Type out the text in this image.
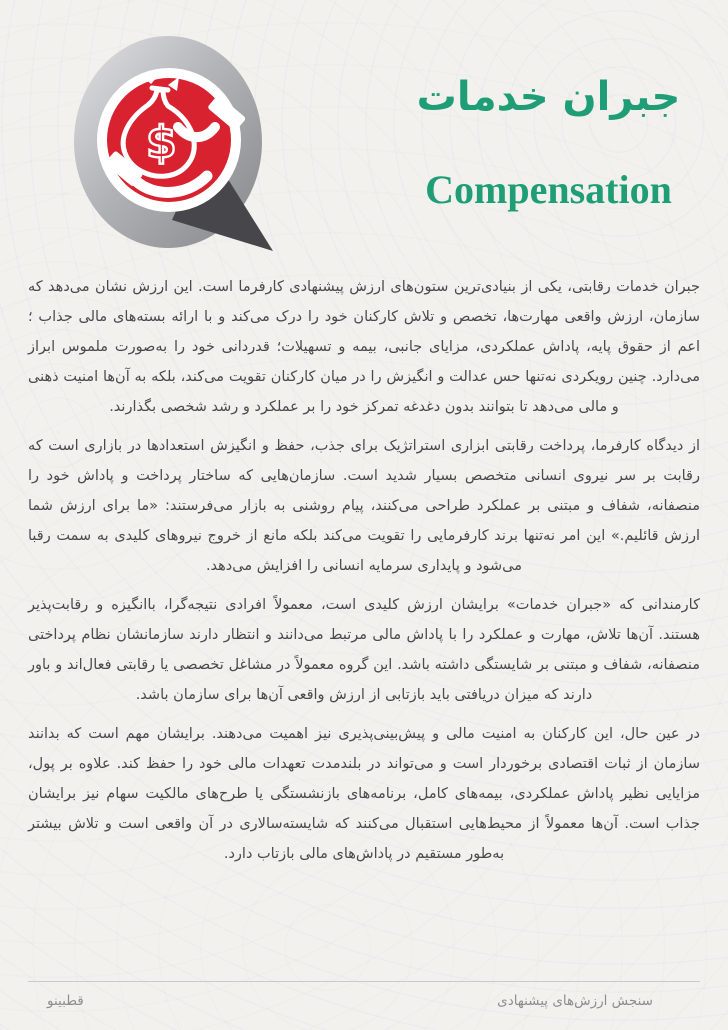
$
جبران خدمات
Compensation

جبران خدمات رقابتی، یکی از بنیادی‌ترین ستون‌های ارزش پیشنهادی کارفرما است. این ارزش نشان می‌دهد که سازمان، ارزش واقعی مهارت‌ها، تخصص و تلاش کارکنان خود را درک می‌کند و با ارائه بسته‌های مالی جذاب ؛ اعم از حقوق پایه، پاداش عملکردی، مزایای جانبی، بیمه و تسهیلات؛ قدردانی خود را به‌صورت ملموس ابراز می‌دارد. چنین رویکردی نه‌تنها حس عدالت و انگیزش را در میان کارکنان تقویت می‌کند، بلکه به آن‌ها امنیت ذهنی و مالی می‌دهد تا بتوانند بدون دغدغه تمرکز خود را بر عملکرد و رشد شخصی بگذارند.

از دیدگاه کارفرما، پرداخت رقابتی ابزاری استراتژیک برای جذب، حفظ و انگیزش استعدادها در بازاری است که رقابت بر سر نیروی انسانی متخصص بسیار شدید است. سازمان‌هایی که ساختار پرداخت و پاداش خود را منصفانه، شفاف و مبتنی بر عملکرد طراحی می‌کنند، پیام روشنی به بازار می‌فرستند: «ما برای ارزش شما ارزش قائلیم.» این امر نه‌تنها برند کارفرمایی را تقویت می‌کند بلکه مانع از خروج نیروهای کلیدی به سمت رقبا می‌شود و پایداری سرمایه انسانی را افزایش می‌دهد.

کارمندانی که «جبران خدمات» برایشان ارزش کلیدی است، معمولاً افرادی نتیجه‌گرا، باانگیزه و رقابت‌پذیر هستند. آن‌ها تلاش، مهارت و عملکرد را با پاداش مالی مرتبط می‌دانند و انتظار دارند سازمانشان نظام پرداختی منصفانه، شفاف و مبتنی بر شایستگی داشته باشد. این گروه معمولاً در مشاغل تخصصی یا رقابتی فعال‌اند و باور دارند که میزان دریافتی باید بازتابی از ارزش واقعی آن‌ها برای سازمان باشد.

در عین حال، این کارکنان به امنیت مالی و پیش‌بینی‌پذیری نیز اهمیت می‌دهند. برایشان مهم است که بدانند سازمان از ثبات اقتصادی برخوردار است و می‌تواند در بلندمدت تعهدات مالی خود را حفظ کند. علاوه بر پول، مزایایی نظیر پاداش عملکردی، بیمه‌های کامل، برنامه‌های بازنشستگی یا طرح‌های مالکیت سهام نیز برایشان جذاب است. آن‌ها معمولاً از محیط‌هایی استقبال می‌کنند که شایسته‌سالاری در آن واقعی است و تلاش بیشتر به‌طور مستقیم در پاداش‌های مالی بازتاب دارد.

سنجش ارزش‌های پیشنهادی
قطبینو
